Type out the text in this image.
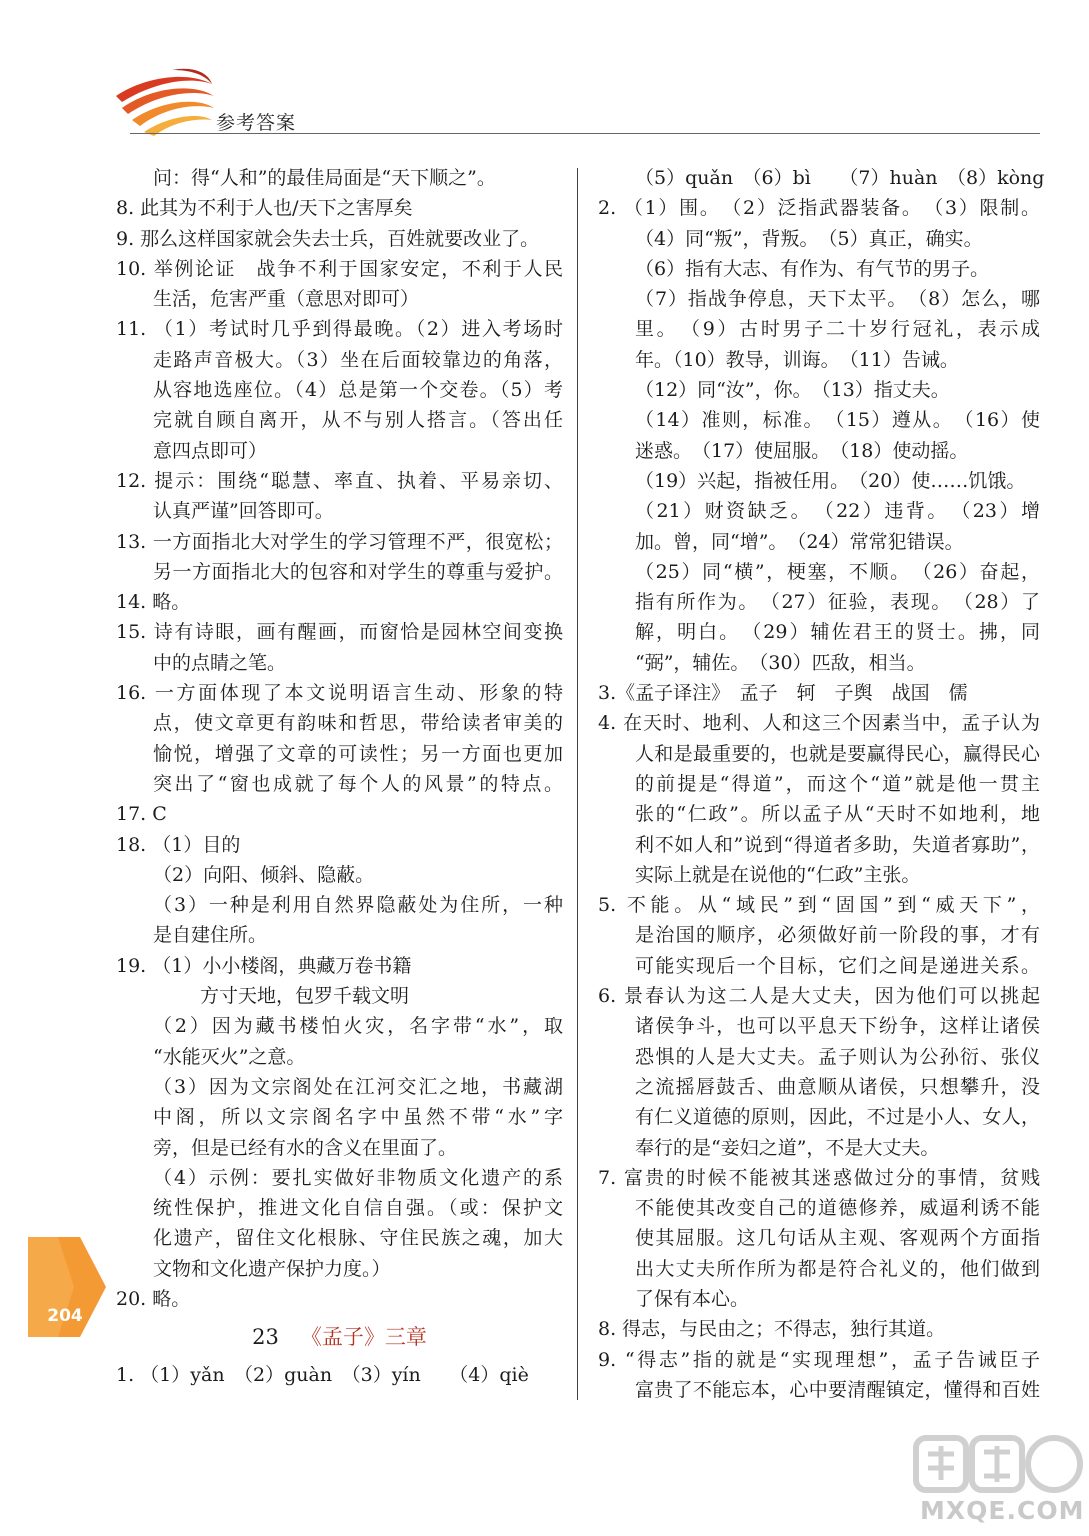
参考答案
问：得“人和”的最佳局面是“天下顺之”。
8. 此其为不利于人也/天下之害厚矣
9. 那么这样国家就会失去士兵，百姓就要改业了。
10. 举例论证　战争不利于国家安定，不利于人民
生活，危害严重（意思对即可）
11. （1）考试时几乎到得最晚。（2）进入考场时
走路声音极大。（3）坐在后面较靠边的角落，
从容地选座位。（4）总是第一个交卷。（5）考
完就自顾自离开，从不与别人搭言。（答出任
意四点即可）
12. 提示：围绕“聪慧、率直、执着、平易亲切、
认真严谨”回答即可。
13. 一方面指北大对学生的学习管理不严，很宽松；
另一方面指北大的包容和对学生的尊重与爱护。
14. 略。
15. 诗有诗眼，画有醒画，而窗恰是园林空间变换
中的点睛之笔。
16. 一方面体现了本文说明语言生动、形象的特
点，使文章更有韵味和哲思，带给读者审美的
愉悦，增强了文章的可读性；另一方面也更加
突出了“窗也成就了每个人的风景”的特点。
17. C
18. （1）目的
（2）向阳、倾斜、隐蔽。
（3）一种是利用自然界隐蔽处为住所，一种
是自建住所。
19. （1）小小楼阁，典藏万卷书籍
方寸天地，包罗千载文明
（2）因为藏书楼怕火灾，名字带“水”，取
“水能灭火”之意。
（3）因为文宗阁处在江河交汇之地，书藏湖
中阁，所以文宗阁名字中虽然不带“水”字
旁，但是已经有水的含义在里面了。
（4）示例：要扎实做好非物质文化遗产的系
统性保护，推进文化自信自强。（或：保护文
化遗产，留住文化根脉、守住民族之魂，加大
文物和文化遗产保护力度。）
20. 略。
23 《孟子》三章
1. （1）yǎn　（2）guàn　（3）yín　　（4）qiè
（5）quǎn　（6）bì　　（7）huàn　（8）kòng
2. （1）围。　（2）泛指武器装备。　（3）限制。
（4）同“叛”，背叛。　（5）真正，确实。
（6）指有大志、有作为、有气节的男子。
（7）指战争停息，天下太平。　（8）怎么，哪
里。　（9）古时男子二十岁行冠礼，表示成
年。（10）教导，训诲。　（11）告诫。
（12）同“汝”，你。　（13）指丈夫。
（14）准则，标准。　（15）遵从。　（16）使
迷惑。　（17）使屈服。　（18）使动摇。
（19）兴起，指被任用。　（20）使……饥饿。
（21）财资缺乏。　（22）违背。　（23）增
加。曾，同“增”。　（24）常常犯错误。
（25）同“横”，梗塞，不顺。　（26）奋起，
指有所作为。　（27）征验，表现。　（28）了
解，明白。　（29）辅佐君王的贤士。拂，同
“弼”，辅佐。　（30）匹敌，相当。
3.《孟子译注》　孟子　轲　子舆　战国　儒
4. 在天时、地利、人和这三个因素当中，孟子认为
人和是最重要的，也就是要赢得民心，赢得民心
的前提是“得道”，而这个“道”就是他一贯主
张的“仁政”。所以孟子从“天时不如地利，地
利不如人和”说到“得道者多助，失道者寡助”，
实际上就是在说他的“仁政”主张。
5. 不能。从“域民”到“固国”到“威天下”，
是治国的顺序，必须做好前一阶段的事，才有
可能实现后一个目标，它们之间是递进关系。
6. 景春认为这二人是大丈夫，因为他们可以挑起
诸侯争斗，也可以平息天下纷争，这样让诸侯
恐惧的人是大丈夫。孟子则认为公孙衍、张仪
之流摇唇鼓舌、曲意顺从诸侯，只想攀升，没
有仁义道德的原则，因此，不过是小人、女人，
奉行的是“妾妇之道”，不是大丈夫。
7. 富贵的时候不能被其迷惑做过分的事情，贫贱
不能使其改变自己的道德修养，威逼利诱不能
使其屈服。这几句话从主观、客观两个方面指
出大丈夫所作所为都是符合礼义的，他们做到
了保有本心。
8. 得志，与民由之；不得志，独行其道。
9. “得志”指的就是“实现理想”，孟子告诫臣子
富贵了不能忘本，心中要清醒镇定，懂得和百姓
204
MXQE.COM
